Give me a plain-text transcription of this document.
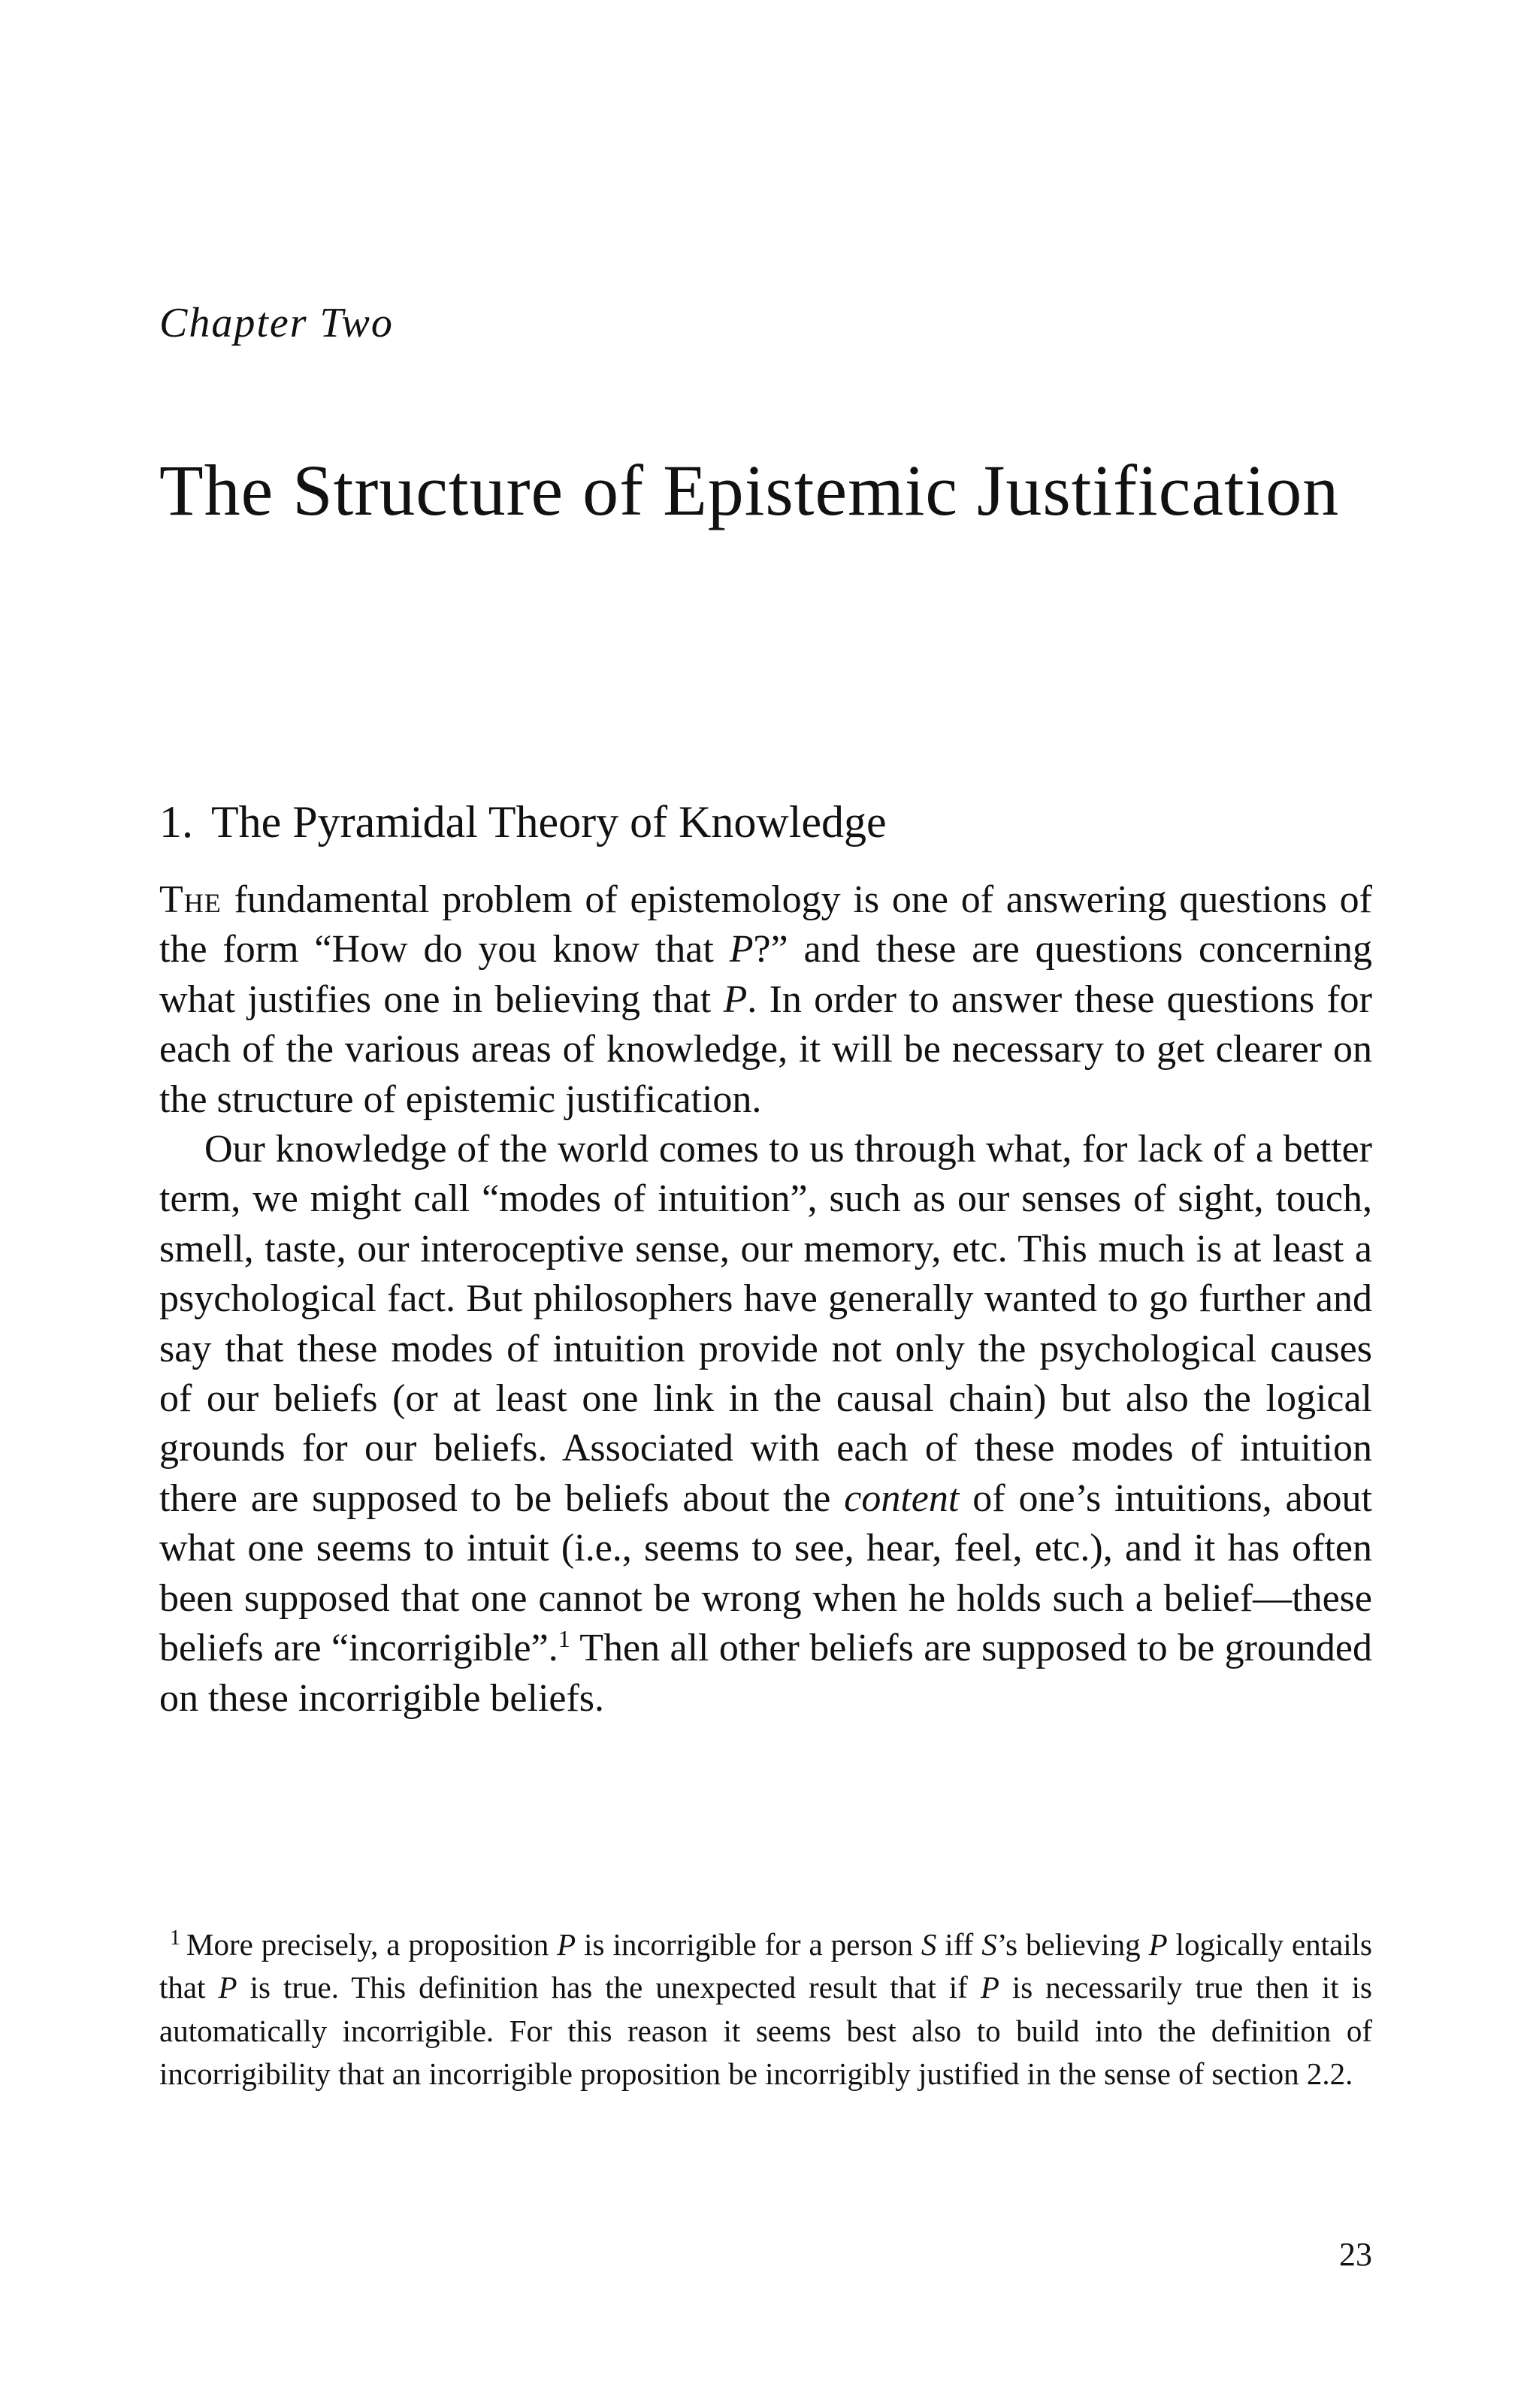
Chapter Two
The Structure of Epistemic Justification
1. The Pyramidal Theory of Knowledge

The fundamental problem of epistemology is one of answering questions of the form “How do you know that P?” and these are questions concerning what justifies one in believing that P. In order to answer these questions for each of the various areas of knowledge, it will be necessary to get clearer on the structure of epistemic justification.

Our knowledge of the world comes to us through what, for lack of a better term, we might call “modes of intuition”, such as our senses of sight, touch, smell, taste, our interoceptive sense, our memory, etc. This much is at least a psychological fact. But philosophers have generally wanted to go further and say that these modes of intuition provide not only the psychological causes of our beliefs (or at least one link in the causal chain) but also the logical grounds for our beliefs. Associated with each of these modes of intuition there are supposed to be beliefs about the content of one’s intuitions, about what one seems to intuit (i.e., seems to see, hear, feel, etc.), and it has often been supposed that one cannot be wrong when he holds such a belief—these beliefs are “incorrigible”.$^1$ Then all other beliefs are supposed to be grounded on these incorrigible beliefs.

$^1$ More precisely, a proposition P is incorrigible for a person S iff S’s believing P logically entails that P is true. This definition has the unexpected result that if P is necessarily true then it is automatically incorrigible. For this reason it seems best also to build into the definition of incorrigibility that an incorrigible proposition be incorrigibly justified in the sense of section 2.2.

23
